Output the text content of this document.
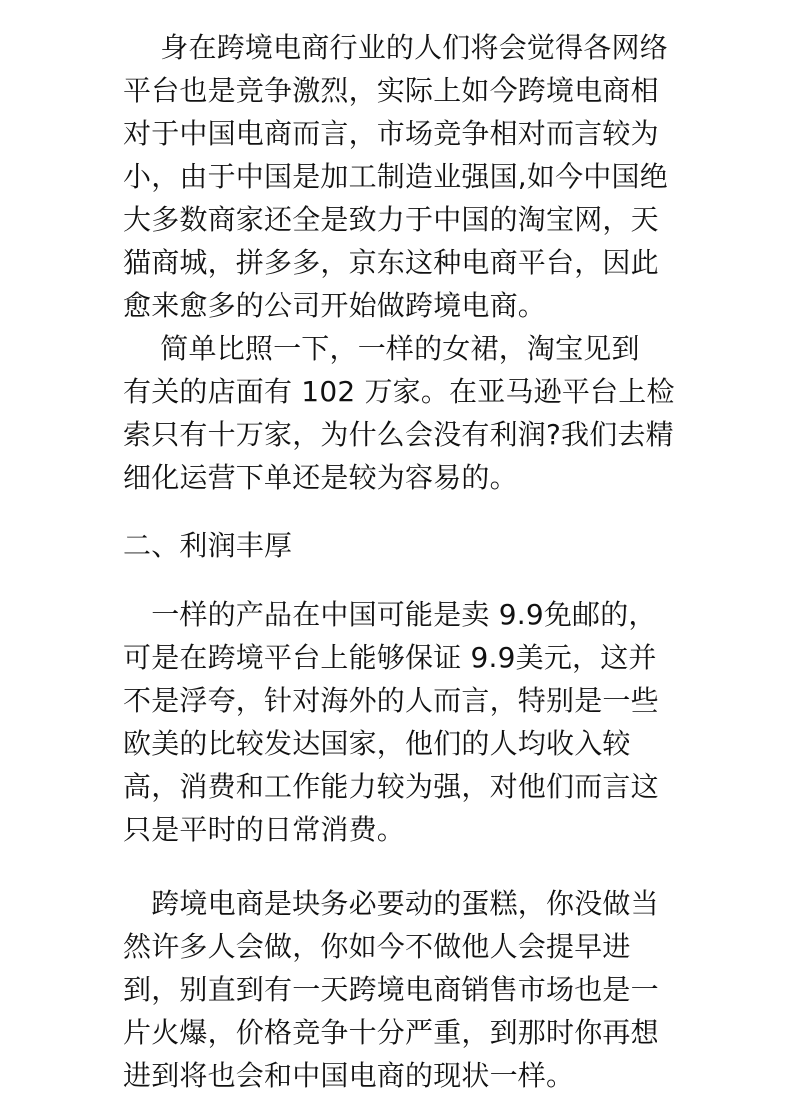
　 身在跨境电商行业的人们将会觉得各网络
平台也是竞争激烈，实际上如今跨境电商相
对于中国电商而言，市场竞争相对而言较为
小，由于中国是加工制造业强国,如今中国绝
大多数商家还全是致力于中国的淘宝网，天
猫商城，拼多多，京东这种电商平台，因此
愈来愈多的公司开始做跨境电商。
　 简单比照一下，一样的女裙，淘宝见到
有关的店面有 102 万家。在亚马逊平台上检
索只有十万家，为什么会没有利润?我们去精
细化运营下单还是较为容易的。
二、利润丰厚
　一样的产品在中国可能是卖 9.9免邮的，
可是在跨境平台上能够保证 9.9美元，这并
不是浮夸，针对海外的人而言，特别是一些
欧美的比较发达国家，他们的人均收入较
高，消费和工作能力较为强，对他们而言这
只是平时的日常消费。
　跨境电商是块务必要动的蛋糕，你没做当
然许多人会做，你如今不做他人会提早进
到，别直到有一天跨境电商销售市场也是一
片火爆，价格竞争十分严重，到那时你再想
进到将也会和中国电商的现状一样。
